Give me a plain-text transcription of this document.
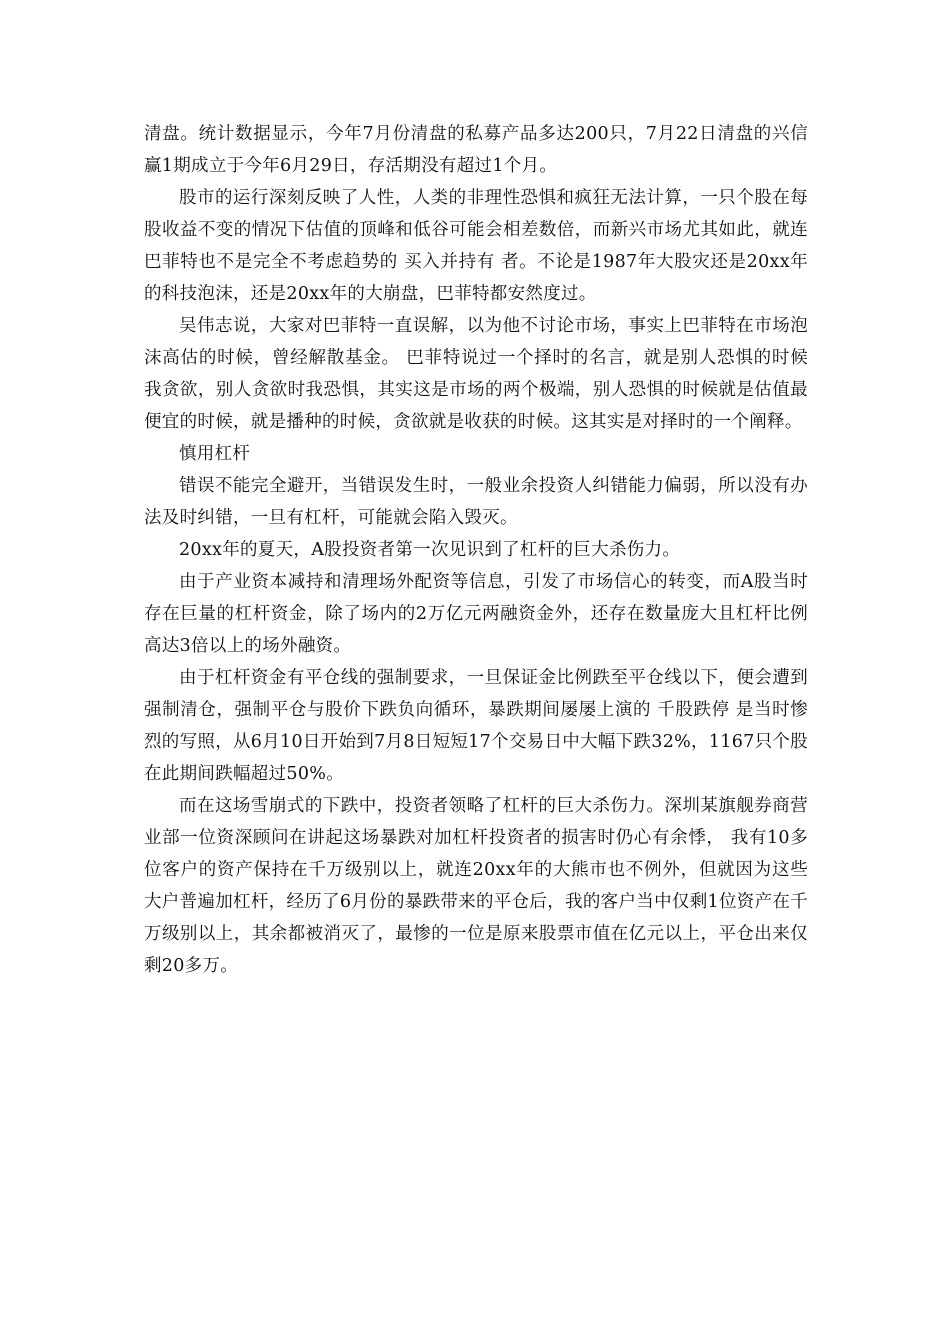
清盘。统计数据显示，今年7月份清盘的私募产品多达200只，7月22日清盘的兴信赢1期成立于今年6月29日，存活期没有超过1个月。

股市的运行深刻反映了人性，人类的非理性恐惧和疯狂无法计算，一只个股在每股收益不变的情况下估值的顶峰和低谷可能会相差数倍，而新兴市场尤其如此，就连巴菲特也不是完全不考虑趋势的 买入并持有 者。不论是1987年大股灾还是20xx年的科技泡沫，还是20xx年的大崩盘，巴菲特都安然度过。

吴伟志说，大家对巴菲特一直误解，以为他不讨论市场，事实上巴菲特在市场泡沫高估的时候，曾经解散基金。 巴菲特说过一个择时的名言，就是别人恐惧的时候我贪欲，别人贪欲时我恐惧，其实这是市场的两个极端，别人恐惧的时候就是估值最便宜的时候，就是播种的时候，贪欲就是收获的时候。这其实是对择时的一个阐释。

慎用杠杆

错误不能完全避开，当错误发生时，一般业余投资人纠错能力偏弱，所以没有办法及时纠错，一旦有杠杆，可能就会陷入毁灭。

20xx年的夏天，A股投资者第一次见识到了杠杆的巨大杀伤力。

由于产业资本减持和清理场外配资等信息，引发了市场信心的转变，而A股当时存在巨量的杠杆资金，除了场内的2万亿元两融资金外，还存在数量庞大且杠杆比例高达3倍以上的场外融资。

由于杠杆资金有平仓线的强制要求，一旦保证金比例跌至平仓线以下，便会遭到强制清仓，强制平仓与股价下跌负向循环，暴跌期间屡屡上演的 千股跌停 是当时惨烈的写照，从6月10日开始到7月8日短短17个交易日中大幅下跌32%，1167只个股在此期间跌幅超过50%。

而在这场雪崩式的下跌中，投资者领略了杠杆的巨大杀伤力。深圳某旗舰券商营业部一位资深顾问在讲起这场暴跌对加杠杆投资者的损害时仍心有余悸， 我有10多位客户的资产保持在千万级别以上，就连20xx年的大熊市也不例外，但就因为这些大户普遍加杠杆，经历了6月份的暴跌带来的平仓后，我的客户当中仅剩1位资产在千万级别以上，其余都被消灭了，最惨的一位是原来股票市值在亿元以上，平仓出来仅剩20多万。
